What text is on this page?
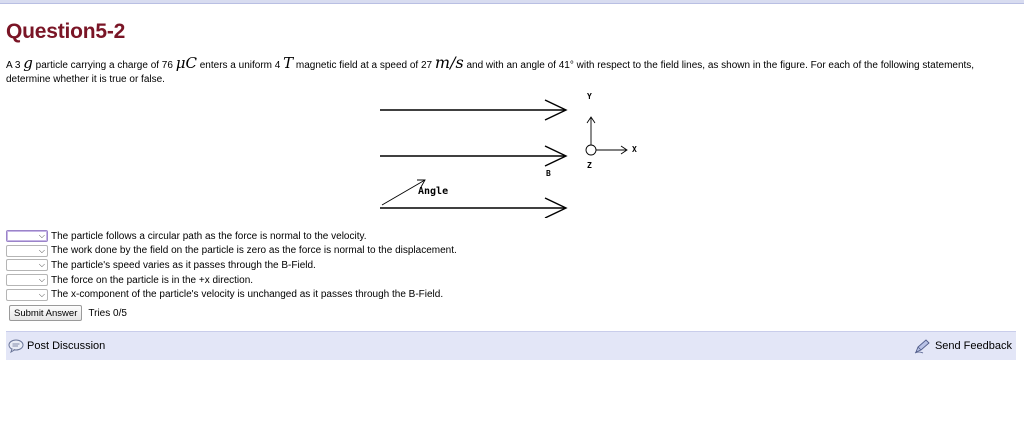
Question5-2
A 3 g particle carrying a charge of 76 μC enters a uniform 4 T magnetic field at a speed of 27 m/s and with an angle of 41° with respect to the field lines, as shown in the figure. For each of the following statements, determine whether it is true or false.
Angle
B
Y
X
Z
⌵ The particle follows a circular path as the force is normal to the velocity.
⌵ The work done by the field on the particle is zero as the force is normal to the displacement.
⌵ The particle's speed varies as it passes through the B-Field.
⌵ The force on the particle is in the +x direction.
⌵ The x-component of the particle's velocity is unchanged as it passes through the B-Field.
Submit Answer	Tries 0/5
Post Discussion	Send Feedback
